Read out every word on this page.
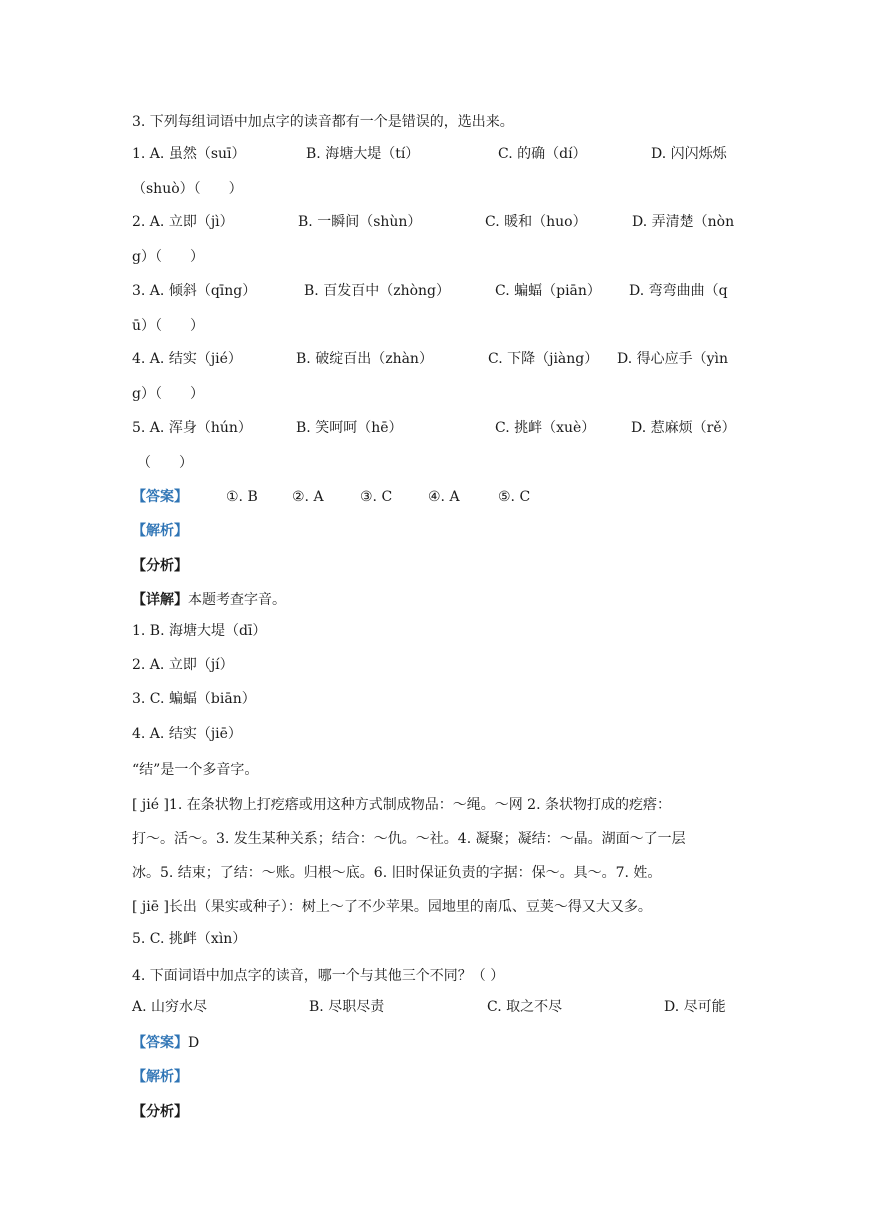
3. 下列每组词语中加点字的读音都有一个是错误的，选出来。
1. A. 虽然（suī）	B. 海塘大堤（tí）	C. 的确（dí）	D. 闪闪烁烁
（shuò）（　　）
2. A. 立即（jì）	B. 一瞬间（shùn）	C. 暖和（huo）	D. 弄清楚（nòn
g）（　　）
3. A. 倾斜（qīng）	B. 百发百中（zhòng）	C. 蝙蝠（piān） D. 弯弯曲曲（q
ū）（　　）
4. A. 结实（jié）	B. 破绽百出（zhàn）	C. 下降（jiàng） D. 得心应手（yìn
g）（　　）
5. A. 浑身（hún）	B. 笑呵呵（hē）	C. 挑衅（xuè）	D. 惹麻烦（rě）
（　　）
【答案】	①. B ②. A	③. C	④. A	⑤. C
【解析】
【分析】
【详解】本题考查字音。
1. B. 海塘大堤（dī）
2. A. 立即（jí）
3. C. 蝙蝠（biān）
4. A. 结实（jiē）
“结”是一个多音字。
[ jié ]1. 在条状物上打疙瘩或用这种方式制成物品：～绳。～网 2. 条状物打成的疙瘩：
打～。活～。3. 发生某种关系；结合：～仇。～社。4. 凝聚；凝结：～晶。湖面～了一层
冰。5. 结束；了结：～账。归根～底。6. 旧时保证负责的字据：保～。具～。7. 姓。
[ jiē ]长出（果实或种子）：树上～了不少苹果。园地里的南瓜、豆荚～得又大又多。
5. C. 挑衅（xìn）
4. 下面词语中加点字的读音，哪一个与其他三个不同？（ ）
A. 山穷水尽	B. 尽职尽责	C. 取之不尽	D. 尽可能
【答案】D
【解析】
【分析】
